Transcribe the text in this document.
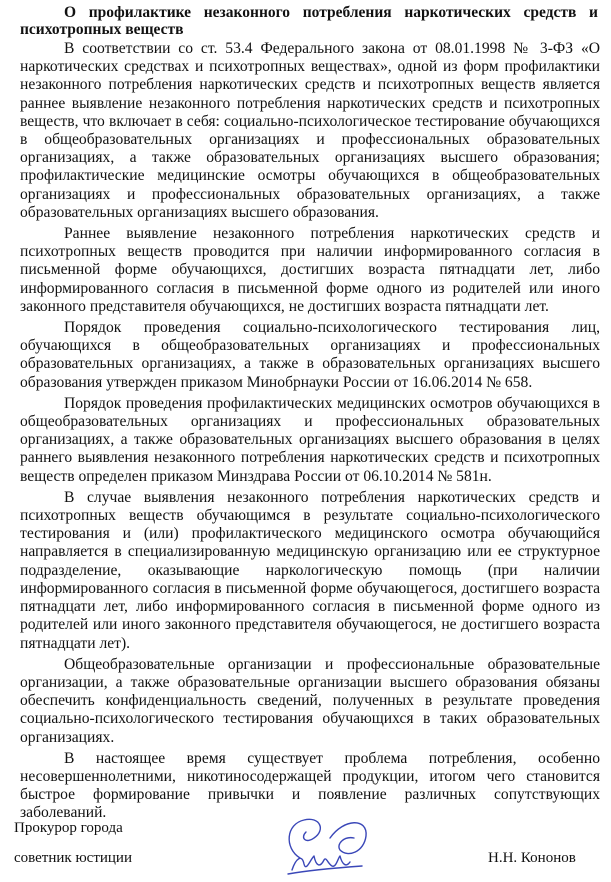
О профилактике незаконного потребления наркотических средств и психотропных веществ

В соответствии со ст. 53.4 Федерального закона от 08.01.1998 № 3-ФЗ «О наркотических средствах и психотропных веществах», одной из форм профилактики незаконного потребления наркотических средств и психотропных веществ является раннее выявление незаконного потребления наркотических средств и психотропных веществ, что включает в себя: социально-психологическое тестирование обучающихся в общеобразовательных организациях и профессиональных образовательных организациях, а также образовательных организациях высшего образования; профилактические медицинские осмотры обучающихся в общеобразовательных организациях и профессиональных образовательных организациях, а также образовательных организациях высшего образования.

Раннее выявление незаконного потребления наркотических средств и психотропных веществ проводится при наличии информированного согласия в письменной форме обучающихся, достигших возраста пятнадцати лет, либо информированного согласия в письменной форме одного из родителей или иного законного представителя обучающихся, не достигших возраста пятнадцати лет.

Порядок проведения социально-психологического тестирования лиц, обучающихся в общеобразовательных организациях и профессиональных образовательных организациях, а также в образовательных организациях высшего образования утвержден приказом Минобрнауки России от 16.06.2014 № 658.

Порядок проведения профилактических медицинских осмотров обучающихся в общеобразовательных организациях и профессиональных образовательных организациях, а также образовательных организациях высшего образования в целях раннего выявления незаконного потребления наркотических средств и психотропных веществ определен приказом Минздрава России от 06.10.2014 № 581н.

В случае выявления незаконного потребления наркотических средств и психотропных веществ обучающимся в результате социально-психологического тестирования и (или) профилактического медицинского осмотра обучающийся направляется в специализированную медицинскую организацию или ее структурное подразделение, оказывающие наркологическую помощь (при наличии информированного согласия в письменной форме обучающегося, достигшего возраста пятнадцати лет, либо информированного согласия в письменной форме одного из родителей или иного законного представителя обучающегося, не достигшего возраста пятнадцати лет).

Общеобразовательные организации и профессиональные образовательные организации, а также образовательные организации высшего образования обязаны обеспечить конфиденциальность сведений, полученных в результате проведения социально-психологического тестирования обучающихся в таких образовательных организациях.

В настоящее время существует проблема потребления, особенно несовершеннолетними, никотиносодержащей продукции, итогом чего становится быстрое формирование привычки и появление различных сопутствующих заболеваний.

Прокурор города
советник юстиции	Н.Н. Кононов
